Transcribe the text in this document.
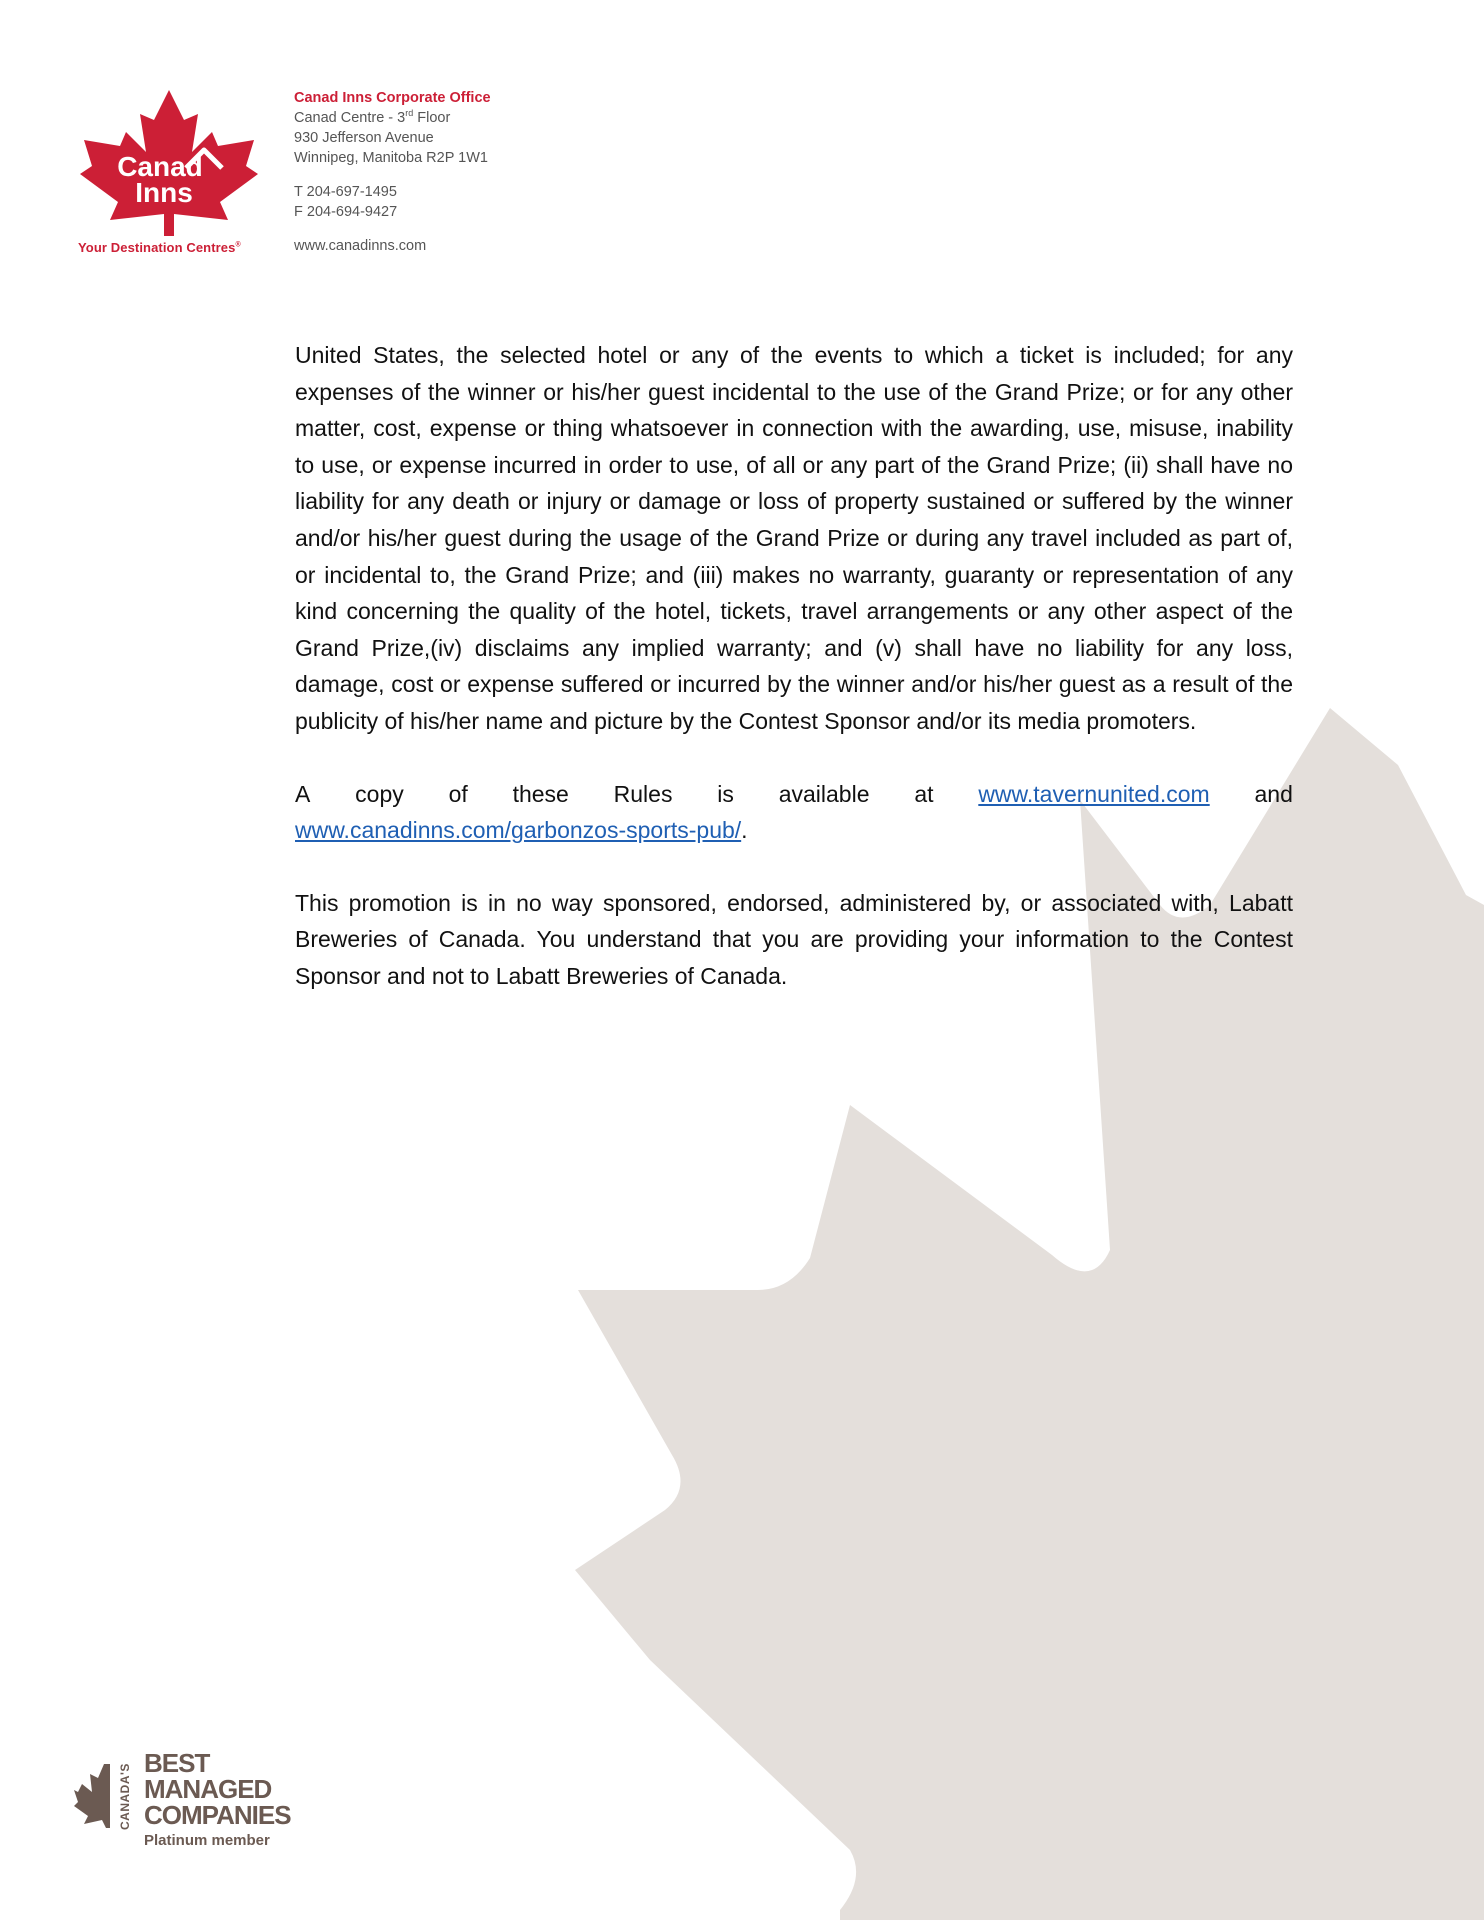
Canad
Inns
Your Destination Centres®
Canad Inns Corporate Office
Canad Centre - 3rd Floor
930 Jefferson Avenue
Winnipeg, Manitoba R2P 1W1
T 204-697-1495
F 204-694-9427
www.canadinns.com

United States, the selected hotel or any of the events to which a ticket is included; for any expenses of the winner or his/her guest incidental to the use of the Grand Prize; or for any other matter, cost, expense or thing whatsoever in connection with the awarding, use, misuse, inability to use, or expense incurred in order to use, of all or any part of the Grand Prize; (ii) shall have no liability for any death or injury or damage or loss of property sustained or suffered by the winner and/or his/her guest during the usage of the Grand Prize or during any travel included as part of, or incidental to, the Grand Prize; and (iii) makes no warranty, guaranty or representation of any kind concerning the quality of the hotel, tickets, travel arrangements or any other aspect of the Grand Prize,(iv) disclaims any implied warranty; and (v) shall have no liability for any loss, damage, cost or expense suffered or incurred by the winner and/or his/her guest as a result of the publicity of his/her name and picture by the Contest Sponsor and/or its media promoters.

A copy of these Rules is available at www.tavernunited.com and
www.canadinns.com/garbonzos-sports-pub/.

This promotion is in no way sponsored, endorsed, administered by, or associated with, Labatt Breweries of Canada. You understand that you are providing your information to the Contest Sponsor and not to Labatt Breweries of Canada.

CANADA'S
BEST
MANAGED
COMPANIES
Platinum member
